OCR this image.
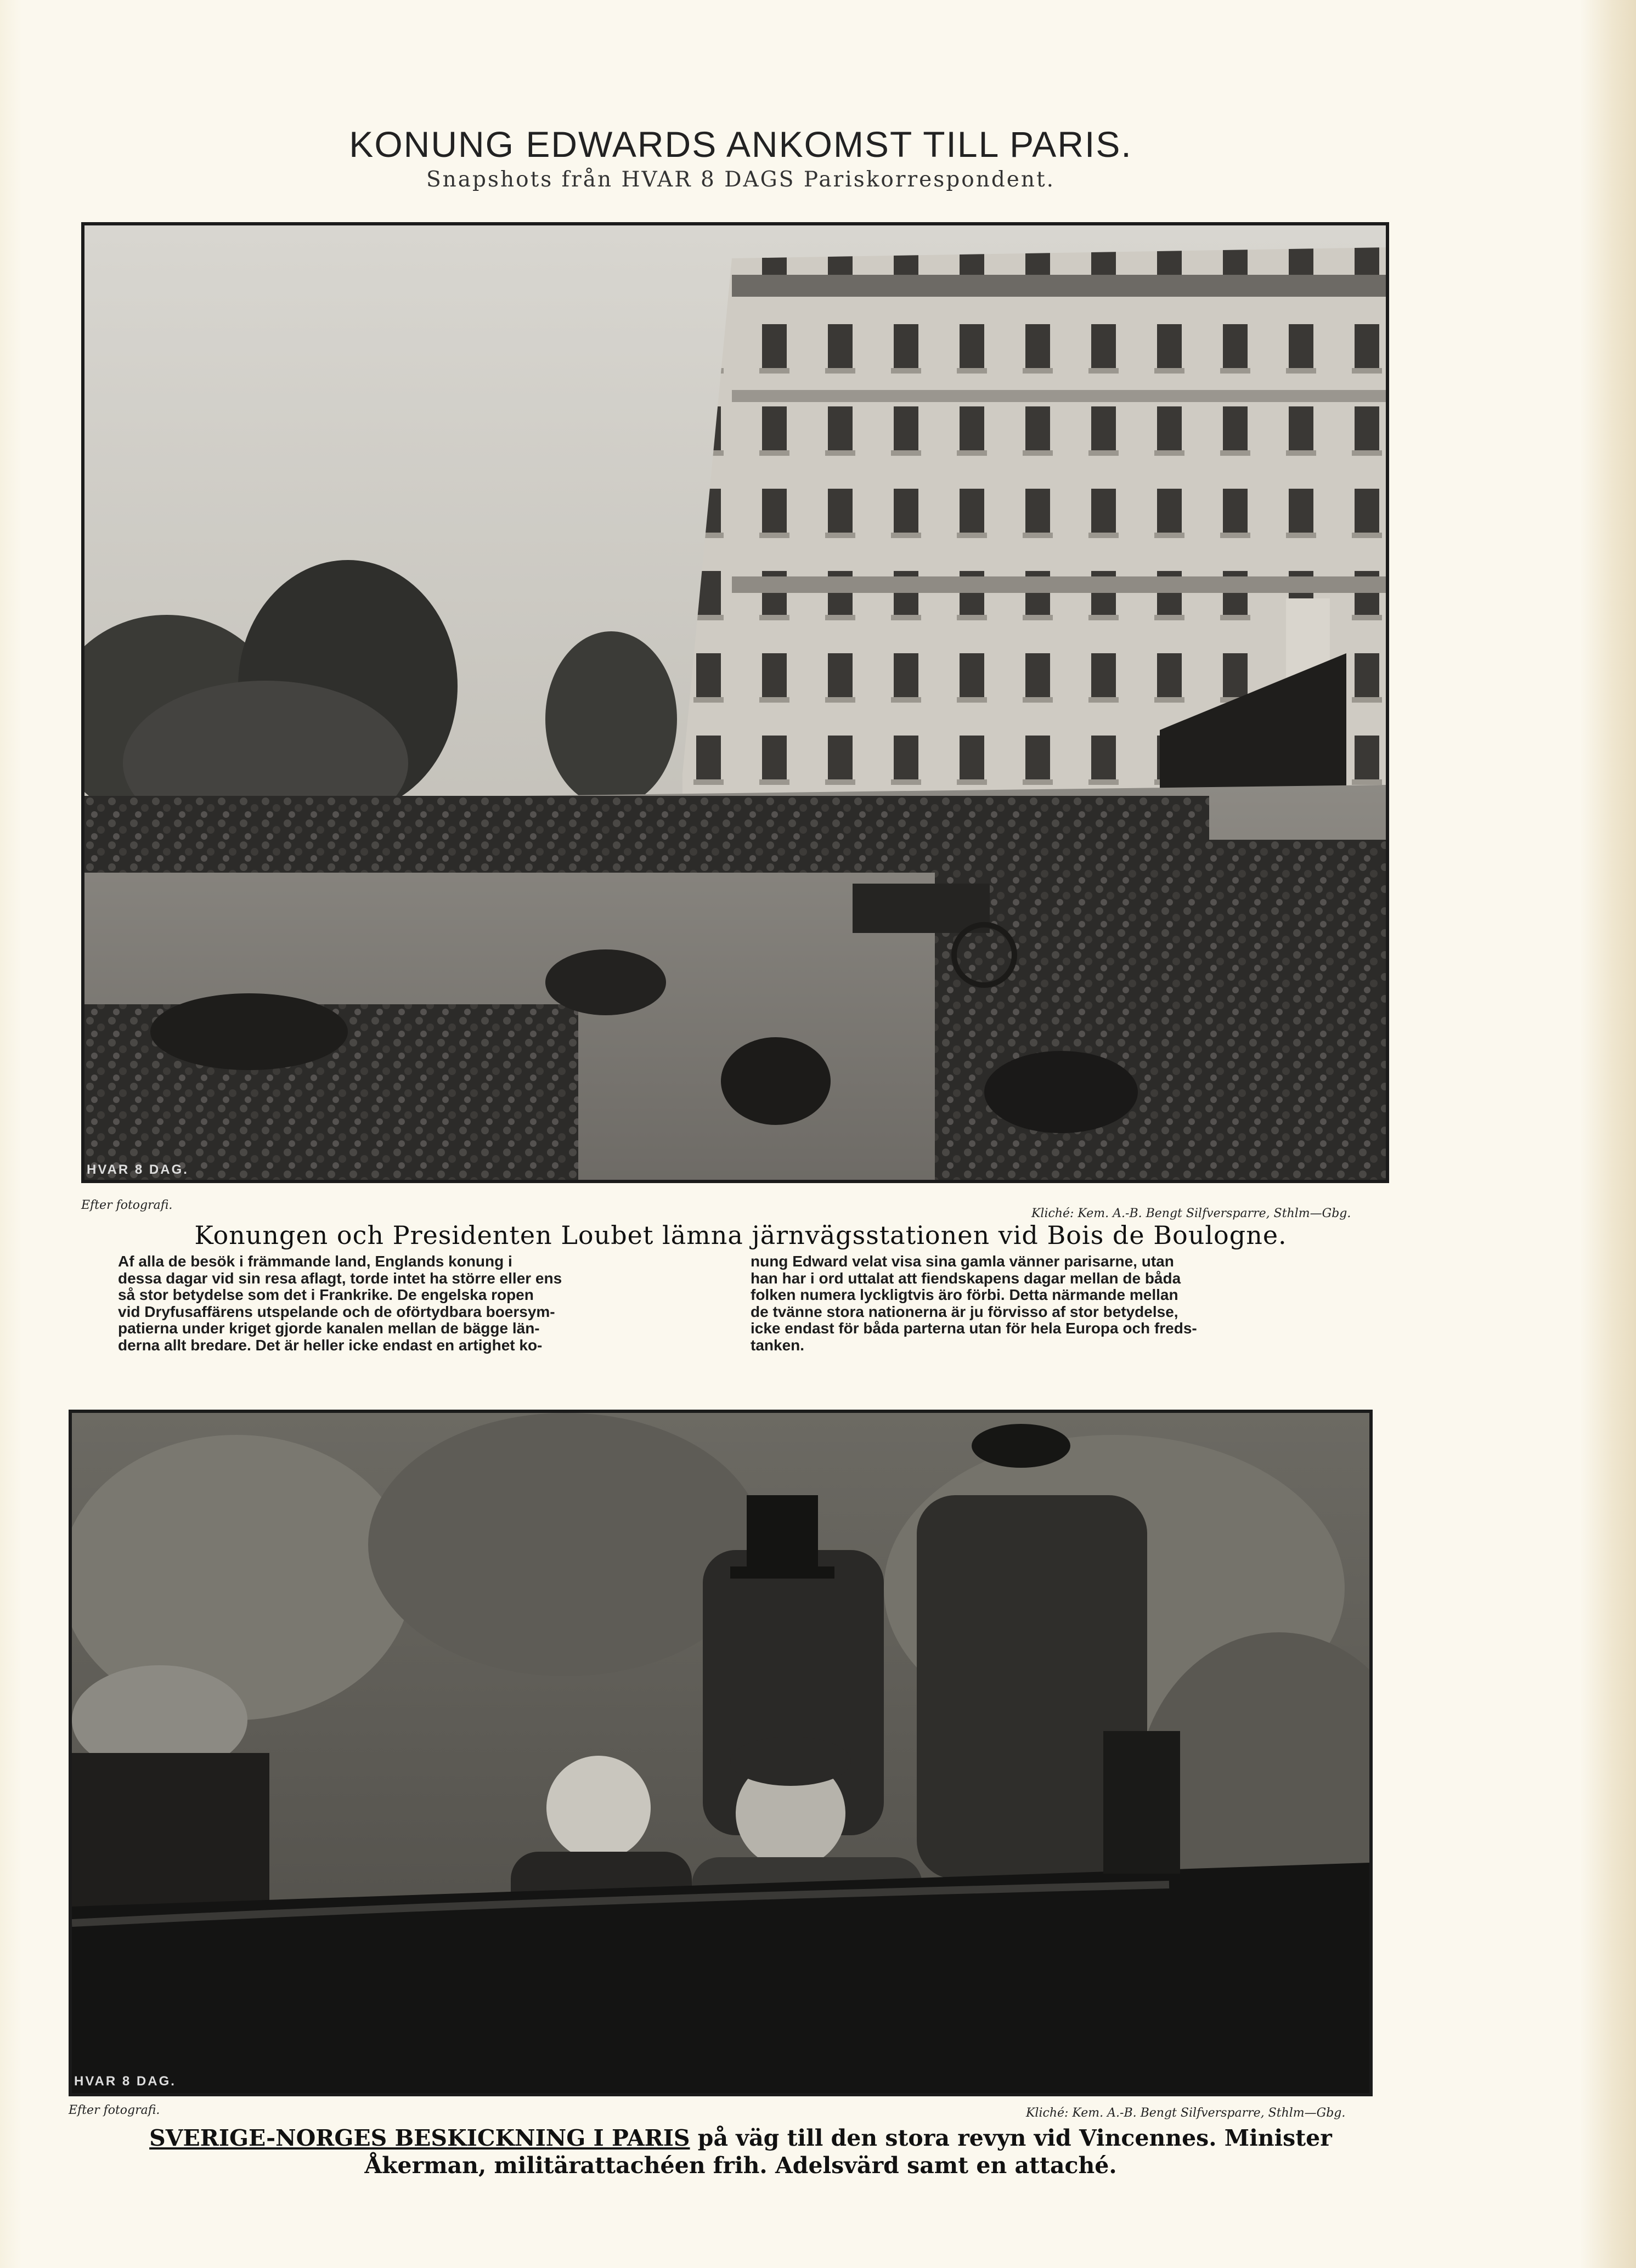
KONUNG EDWARDS ANKOMST TILL PARIS.
Snapshots från HVAR 8 DAGS Pariskorrespondent.
HVAR 8 DAG.
Efter fotografi.
Kliché: Kem. A.-B. Bengt Silfversparre, Sthlm—Gbg.
Konungen och Presidenten Loubet lämna järnvägsstationen vid Bois de Boulogne.
Af alla de besök i främmande land, Englands konung i
dessa dagar vid sin resa aflagt, torde intet ha större eller ens
så stor betydelse som det i Frankrike. De engelska ropen
vid Dryfusaffärens utspelande och de oförtydbara boersym-
patierna under kriget gjorde kanalen mellan de bägge län-
derna allt bredare. Det är heller icke endast en artighet ko-
nung Edward velat visa sina gamla vänner parisarne, utan
han har i ord uttalat att fiendskapens dagar mellan de båda
folken numera lyckligtvis äro förbi. Detta närmande mellan
de tvänne stora nationerna är ju förvisso af stor betydelse,
icke endast för båda parterna utan för hela Europa och freds-
tanken.
HVAR 8 DAG.
Efter fotografi.	Kliché: Kem. A.-B. Bengt Silfversparre, Sthlm—Gbg.
SVERIGE-NORGES BESKICKNING I PARIS på väg till den stora revyn vid Vincennes. Minister
Åkerman, militärattachéen frih. Adelsvärd samt en attaché.
